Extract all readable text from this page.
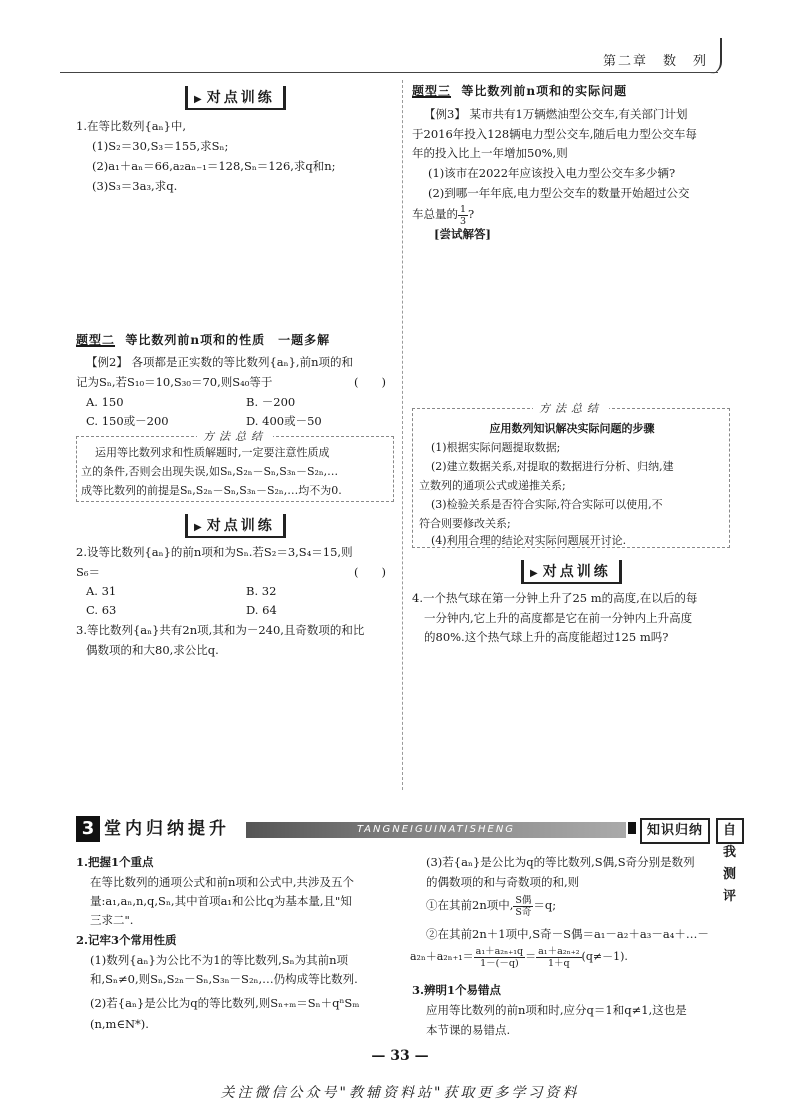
第二章　数　列
▶ 对点训练
1.在等比数列{aₙ}中,
(1)S₂＝30,S₃＝155,求Sₙ;
(2)a₁＋aₙ＝66,a₂aₙ₋₁＝128,Sₙ＝126,求q和n;
(3)S₃＝3a₃,求q.
题型二 等比数列前n项和的性质　一题多解
【例2】 各项都是正实数的等比数列{aₙ},前n项的和
记为Sₙ,若S₁₀＝10,S₃₀＝70,则S₄₀等于	(　　)
A. 150	B. －200
C. 150或－200	D. 400或－50
方法总结
运用等比数列求和性质解题时,一定要注意性质成
立的条件,否则会出现失误,如Sₙ,S₂ₙ－Sₙ,S₃ₙ－S₂ₙ,…
成等比数列的前提是Sₙ,S₂ₙ－Sₙ,S₃ₙ－S₂ₙ,…均不为0.
▶ 对点训练
2.设等比数列{aₙ}的前n项和为Sₙ.若S₂＝3,S₄＝15,则
S₆＝	(　　)
A. 31	B. 32
C. 63	D. 64
3.等比数列{aₙ}共有2n项,其和为－240,且奇数项的和比
偶数项的和大80,求公比q.
题型三 等比数列前n项和的实际问题
【例3】 某市共有1万辆燃油型公交车,有关部门计划
于2016年投入128辆电力型公交车,随后电力型公交车每
年的投入比上一年增加50%,则
(1)该市在2022年应该投入电力型公交车多少辆?
(2)到哪一年年底,电力型公交车的数量开始超过公交
车总量的 $\frac{1}{3}$ ?
[尝试解答]
方法总结
应用数列知识解决实际问题的步骤
(1)根据实际问题提取数据;
(2)建立数据关系,对提取的数据进行分析、归纳,建
立数列的通项公式或递推关系;
(3)检验关系是否符合实际,符合实际可以使用,不
符合则要修改关系;
(4)利用合理的结论对实际问题展开讨论.
▶ 对点训练
4.一个热气球在第一分钟上升了25 m的高度,在以后的每
一分钟内,它上升的高度都是它在前一分钟内上升高度
的80%.这个热气球上升的高度能超过125 m吗?
3 堂内归纳提升	TANGNEIGUINATISHENG	知识归纳	自我测评
1.把握1个重点
在等比数列的通项公式和前n项和公式中,共涉及五个
量:a₁,aₙ,n,q,Sₙ,其中首项a₁和公比q为基本量,且"知
三求二".
2.记牢3个常用性质
(1)数列{aₙ}为公比不为1的等比数列,Sₙ为其前n项
和,Sₙ≠0,则Sₙ,S₂ₙ－Sₙ,S₃ₙ－S₂ₙ,…仍构成等比数列.
(2)若{aₙ}是公比为q的等比数列,则Sₙ₊ₘ＝Sₙ＋qⁿSₘ
(n,m∈N*).
(3)若{aₙ}是公比为q的等比数列,S偶,S奇分别是数列
的偶数项的和与奇数项的和,则
①在其前2n项中, $\frac{\text{S偶}}{\text{S奇}} =q$;
②在其前2n＋1项中,S奇－S偶＝a₁－a₂＋a₃－a₄＋…－
$a_{2n}+a_{2n+1}= \frac{\text{a₁＋a₂ₙ₊₁q}}{1-(-q)} = \frac{\text{a₁＋a₂ₙ₊₂}}{1+q} (q\ne-1)$.
3.辨明1个易错点
应用等比数列的前n项和时,应分q＝1和q≠1,这也是
本节课的易错点.
— 33 —
关注微信公众号"教辅资料站"获取更多学习资料
